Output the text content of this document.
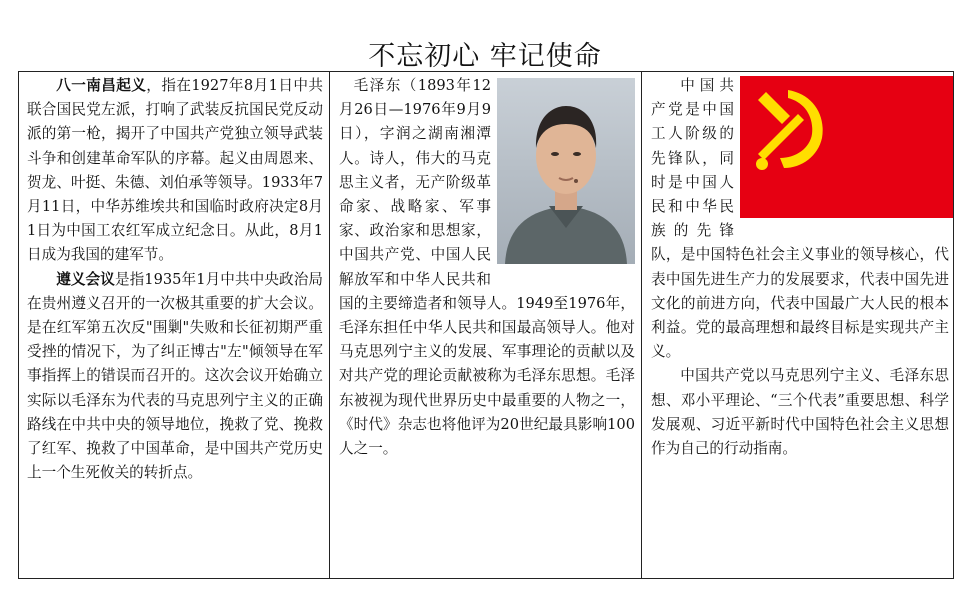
不忘初心 牢记使命

八一南昌起义，指在1927年8月1日中共联合国民党左派，打响了武装反抗国民党反动派的第一枪，揭开了中国共产党独立领导武装斗争和创建革命军队的序幕。起义由周恩来、贺龙、叶挺、朱德、刘伯承等领导。1933年7月11日，中华苏维埃共和国临时政府决定8月1日为中国工农红军成立纪念日。从此，8月1日成为我国的建军节。

遵义会议是指1935年1月中共中央政治局在贵州遵义召开的一次极其重要的扩大会议。是在红军第五次反"围剿"失败和长征初期严重受挫的情况下，为了纠正博古"左"倾领导在军事指挥上的错误而召开的。这次会议开始确立实际以毛泽东为代表的马克思列宁主义的正确路线在中共中央的领导地位，挽救了党、挽救了红军、挽救了中国革命，是中国共产党历史上一个生死攸关的转折点。

毛泽东（1893年12月26日—1976年9月9日），字润之湖南湘潭人。诗人，伟大的马克思主义者，无产阶级革命家、战略家、军事家、政治家和思想家，中国共产党、中国人民解放军和中华人民共和国的主要缔造者和领导人。1949至1976年，毛泽东担任中华人民共和国最高领导人。他对马克思列宁主义的发展、军事理论的贡献以及对共产党的理论贡献被称为毛泽东思想。毛泽东被视为现代世界历史中最重要的人物之一，《时代》杂志也将他评为20世纪最具影响100人之一。

中国共产党是中国工人阶级的先锋队，同时是中国人民和中华民族的先锋队，是中国特色社会主义事业的领导核心，代表中国先进生产力的发展要求，代表中国先进文化的前进方向，代表中国最广大人民的根本利益。党的最高理想和最终目标是实现共产主义。

中国共产党以马克思列宁主义、毛泽东思想、邓小平理论、“三个代表”重要思想、科学发展观、习近平新时代中国特色社会主义思想作为自己的行动指南。
